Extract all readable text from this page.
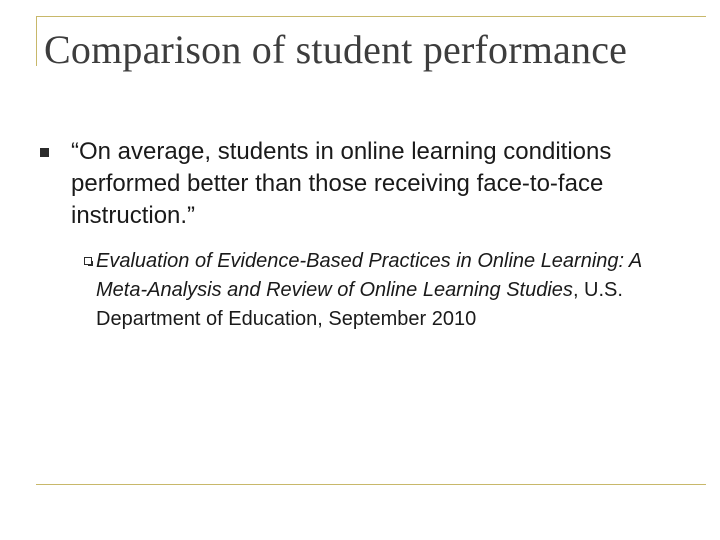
Comparison of student performance

“On average, students in online learning conditions performed better than those receiving face-to-face instruction.”

Evaluation of Evidence-Based Practices in Online Learning: A Meta-Analysis and Review of Online Learning Studies, U.S. Department of Education, September 2010
